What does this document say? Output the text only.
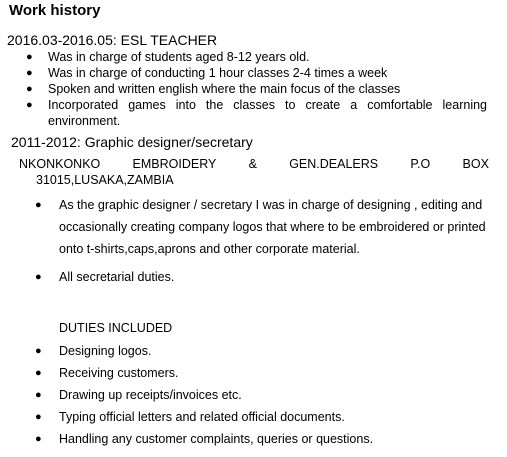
Work history
2016.03-2016.05: ESL TEACHER
● Was in charge of students aged 8-12 years old.
● Was in charge of conducting 1 hour classes 2-4 times a week
● Spoken and written english where the main focus of the classes
● Incorporated games into the classes to create a comfortable learning environment.
2011-2012: Graphic designer/secretary
NKONKONKO	EMBROIDERY	&	GEN.DEALERS	P.O	BOX
31015,LUSAKA,ZAMBIA
● As the graphic designer / secretary I was in charge of designing , editing and occasionally creating company logos that where to be embroidered or printed onto t-shirts,caps,aprons and other corporate material.
● All secretarial duties.
DUTIES INCLUDED
● Designing logos.
● Receiving customers.
● Drawing up receipts/invoices etc.
● Typing official letters and related official documents.
● Handling any customer complaints, queries or questions.
